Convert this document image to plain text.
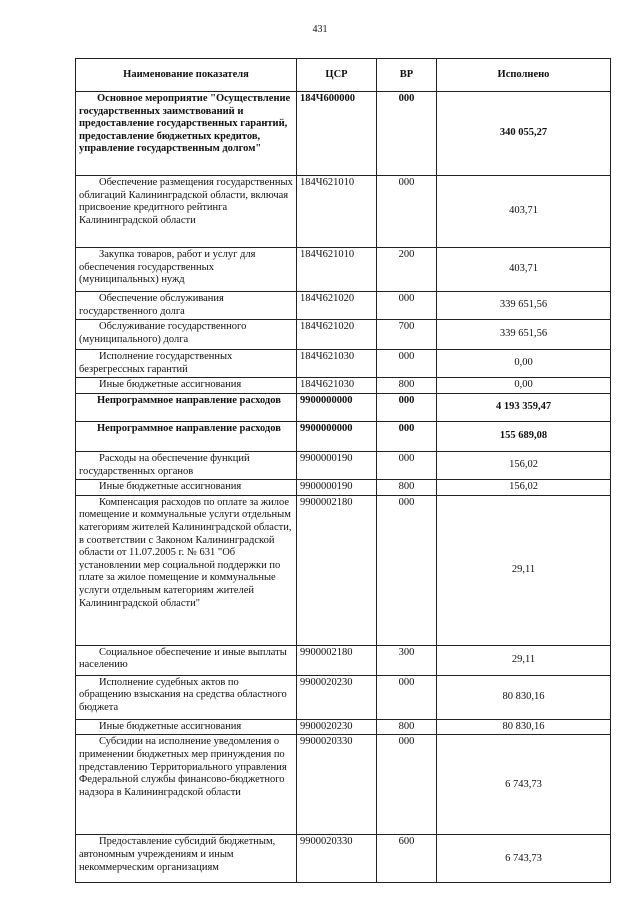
431
Наименование показателя	ЦСР	ВР	Исполнено
Основное мероприятие "Осуществление государственных заимствований и предоставление государственных гарантий, предоставление бюджетных кредитов, управление государственным долгом"	184Ч600000	000	340 055,27
Обеспечение размещения государственных облигаций Калининградской области, включая присвоение кредитного рейтинга Калининградской области	184Ч621010	000	403,71
Закупка товаров, работ и услуг для обеспечения государственных (муниципальных) нужд	184Ч621010	200	403,71
Обеспечение обслуживания государственного долга	184Ч621020	000	339 651,56
Обслуживание государственного (муниципального) долга	184Ч621020	700	339 651,56
Исполнение государственных безрегрессных гарантий	184Ч621030	000	0,00
Иные бюджетные ассигнования	184Ч621030	800	0,00
Непрограммное направление расходов	9900000000	000	4 193 359,47
Непрограммное направление расходов	9900000000	000	155 689,08
Расходы на обеспечение функций государственных органов	9900000190	000	156,02
Иные бюджетные ассигнования	9900000190	800	156,02
Компенсация расходов по оплате за жилое помещение и коммунальные услуги отдельным категориям жителей Калининградской области, в соответствии с Законом Калининградской области от 11.07.2005 г. № 631 "Об установлении мер социальной поддержки по плате за жилое помещение и коммунальные услуги отдельным категориям жителей Калининградской области"	9900002180	000	29,11
Социальное обеспечение и иные выплаты населению	9900002180	300	29,11
Исполнение судебных актов по обращению взыскания на средства областного бюджета	9900020230	000	80 830,16
Иные бюджетные ассигнования	9900020230	800	80 830,16
Субсидии на исполнение уведомления о применении бюджетных мер принуждения по представлению Территориального управления Федеральной службы финансово-бюджетного надзора в Калининградской области	9900020330	000	6 743,73
Предоставление субсидий бюджетным, автономным учреждениям и иным некоммерческим организациям	9900020330	600	6 743,73
